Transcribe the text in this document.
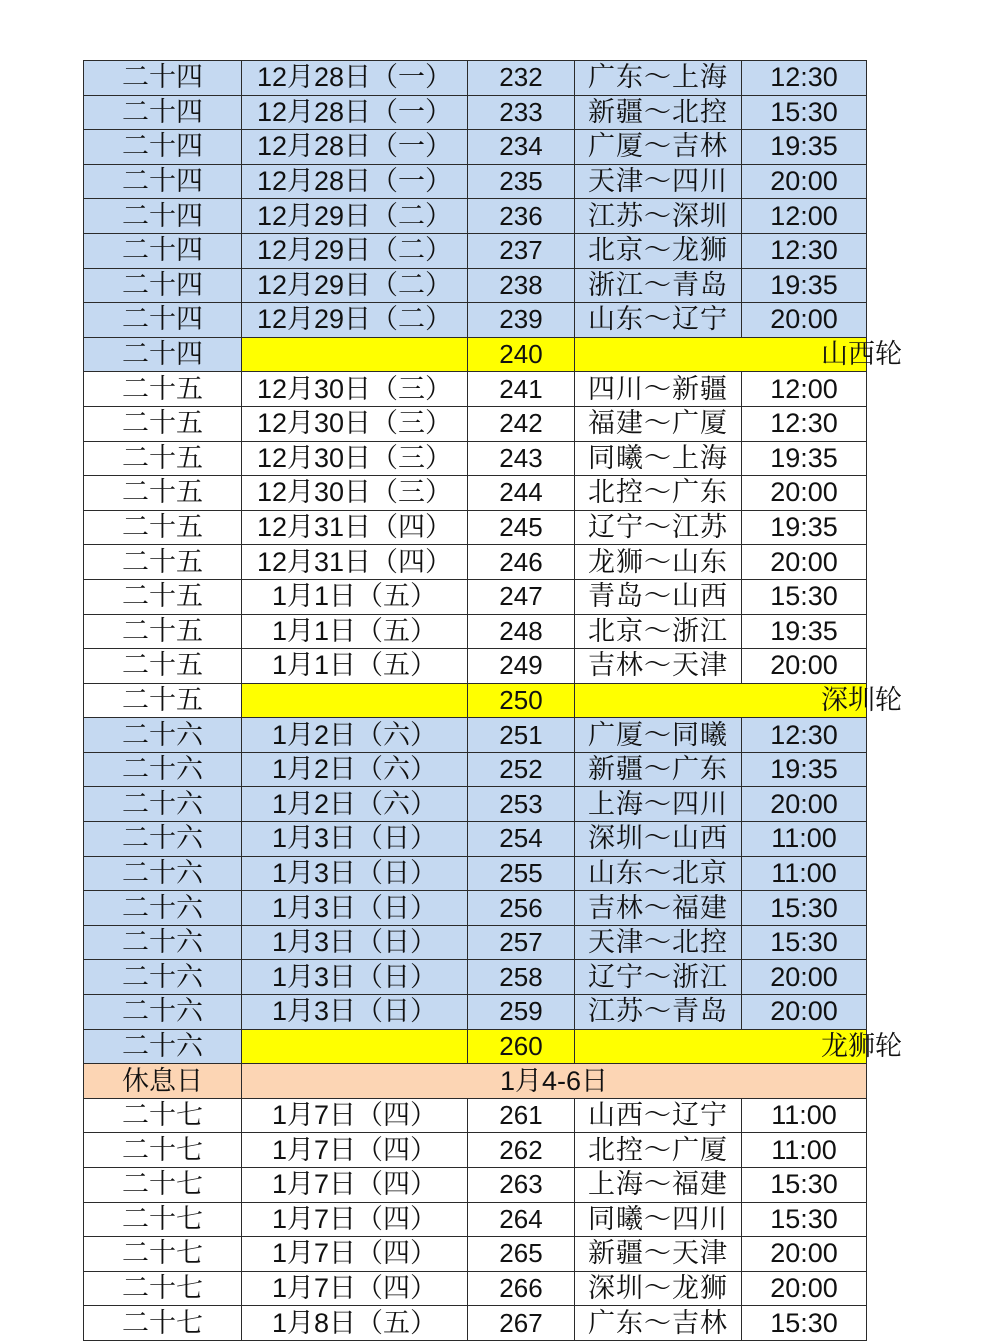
二十四	12月28日（一）	232	广东～上海	12:30
二十四	12月28日（一）	233	新疆～北控	15:30
二十四	12月28日（一）	234	广厦～吉林	19:35
二十四	12月28日（一）	235	天津～四川	20:00
二十四	12月29日（二）	236	江苏～深圳	12:00
二十四	12月29日（二）	237	北京～龙狮	12:30
二十四	12月29日（二）	238	浙江～青岛	19:35
二十四	12月29日（二）	239	山东～辽宁	20:00
二十四		240	山西轮	
二十五	12月30日（三）	241	四川～新疆	12:00
二十五	12月30日（三）	242	福建～广厦	12:30
二十五	12月30日（三）	243	同曦～上海	19:35
二十五	12月30日（三）	244	北控～广东	20:00
二十五	12月31日（四）	245	辽宁～江苏	19:35
二十五	12月31日（四）	246	龙狮～山东	20:00
二十五	1月1日（五）	247	青岛～山西	15:30
二十五	1月1日（五）	248	北京～浙江	19:35
二十五	1月1日（五）	249	吉林～天津	20:00
二十五		250	深圳轮	
二十六	1月2日（六）	251	广厦～同曦	12:30
二十六	1月2日（六）	252	新疆～广东	19:35
二十六	1月2日（六）	253	上海～四川	20:00
二十六	1月3日（日）	254	深圳～山西	11:00
二十六	1月3日（日）	255	山东～北京	11:00
二十六	1月3日（日）	256	吉林～福建	15:30
二十六	1月3日（日）	257	天津～北控	15:30
二十六	1月3日（日）	258	辽宁～浙江	20:00
二十六	1月3日（日）	259	江苏～青岛	20:00
二十六		260	龙狮轮	
休息日	1月4-6日			
二十七	1月7日（四）	261	山西～辽宁	11:00
二十七	1月7日（四）	262	北控～广厦	11:00
二十七	1月7日（四）	263	上海～福建	15:30
二十七	1月7日（四）	264	同曦～四川	15:30
二十七	1月7日（四）	265	新疆～天津	20:00
二十七	1月7日（四）	266	深圳～龙狮	20:00
二十七	1月8日（五）	267	广东～吉林	15:30
